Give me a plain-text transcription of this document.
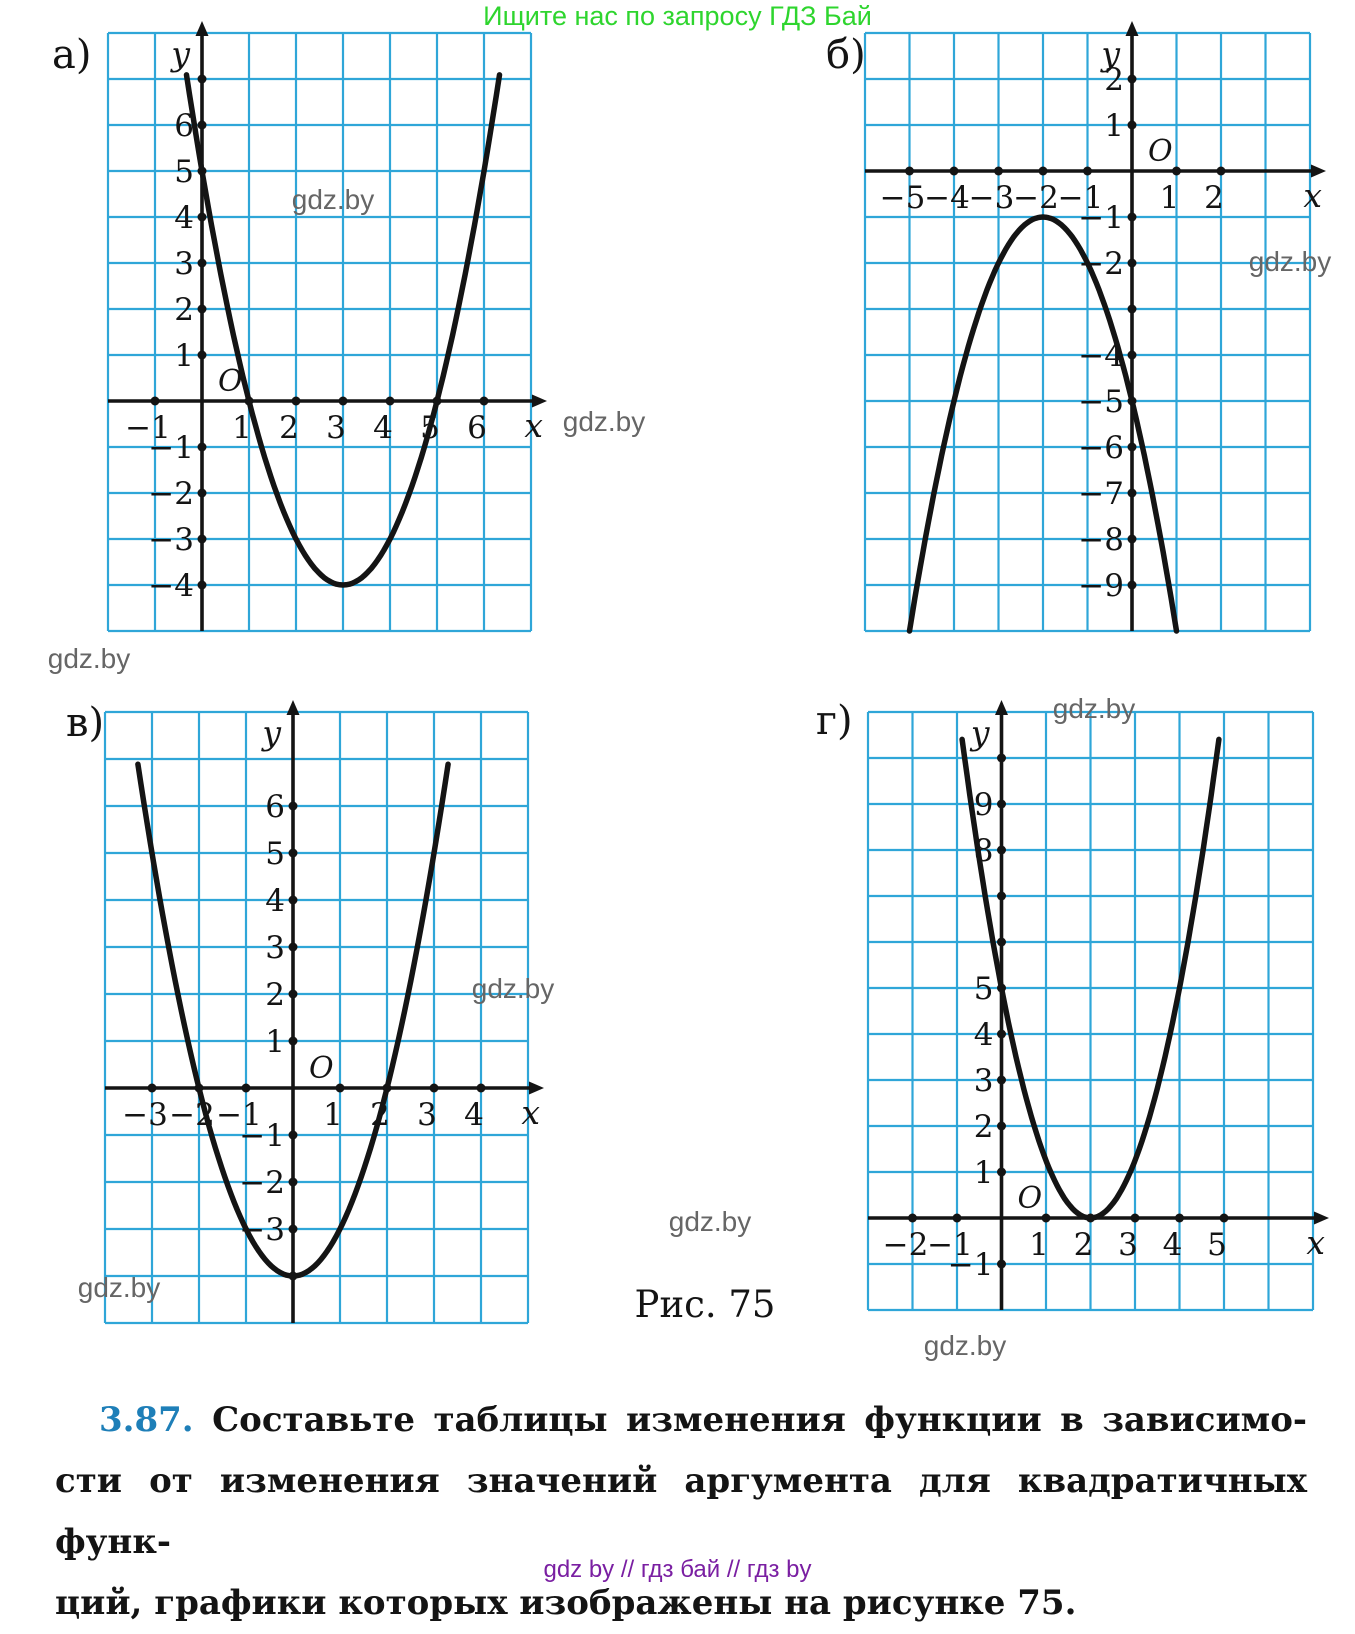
Ищите нас по запросу ГДЗ Бай
y
x
O
−1 1 2 3 4 5 6
6
5
4
3
2
1
−1
−2
−3
−4
y
x
O
−5
−4
−3
−2
−1 1 2
2
1
−1
−2
−4
−5
−6
−7
−8
−9
y
x
O
−3 −2 −1 1 2 3 4
6
5
4
3
2
1
−1
−2
−3
y
x
O
−2
−1 1 2 3 4 5
9
8
5
4
3
2
1
−1
а)	б)
в)	г)
gdz.by
gdz.by
gdz.by
gdz.by
gdz.by
gdz.by
gdz.by
gdz.by
gdz.by
Рис. 75
3.87. Составьте таблицы изменения функции в зависимо-
сти от изменения значений аргумента для квадратичных функ-
ций, графики которых изображены на рисунке 75.
gdz by // гдз бай // гдз by
